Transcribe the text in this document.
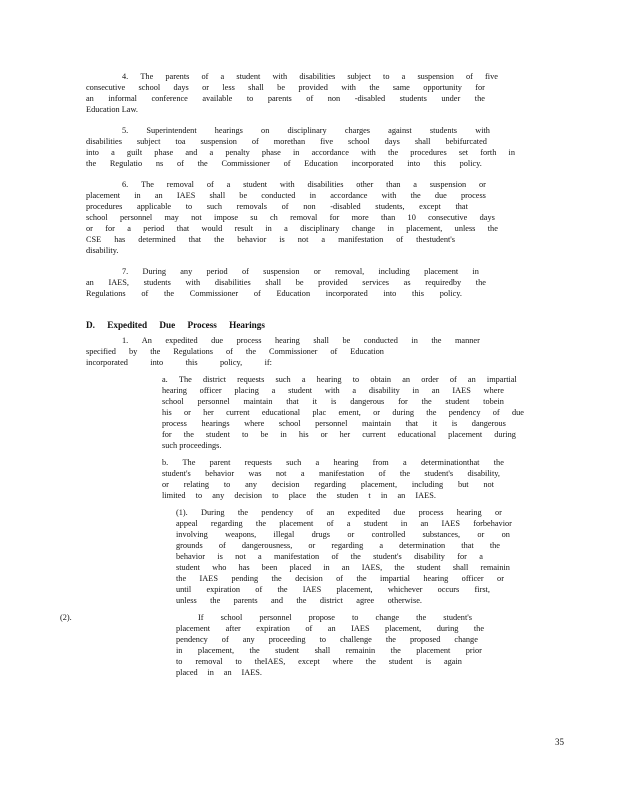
4. The parents of a student with disabilities subject to a suspension of five
consecutive school days or less shall be provided with the same opportunity for
an informal conference available to parents of non -disabled students under the
Education Law.
5. Superintendent hearings on disciplinary charges against students with
disabilities subject toa suspension of morethan five school days shall bebifurcated
into a guilt phase and a penalty phase in accordance with the procedures set forth in
the Regulatio ns of the Commissioner of Education incorporated into this policy.
6. The removal of a student with disabilities other than a suspension or
placement in an IAES shall be conducted in accordance with the due process
procedures applicable to such removals of non -disabled students, except that
school personnel may not impose su ch removal for more than 10 consecutive days
or for a period that would result in a disciplinary change in placement, unless the
CSE has determined that the behavior is not a manifestation of thestudent's
disability.
7. During any period of suspension or removal, including placement in
an IAES, students with disabilities shall be provided services as requiredby the
Regulations of the Commissioner of Education incorporated into this policy.
D. Expedited Due Process Hearings
1. An expedited due process hearing shall be conducted in the manner
specified by the Regulations of the Commissioner of Education
incorporated	into	this	policy,	if:
a. The district requests such a hearing to obtain an order of an impartial
hearing officer placing a student with a disability in an IAES where
school personnel maintain that it is dangerous for the student tobein
his or her current educational plac ement, or during the pendency of due
process hearings where school personnel maintain that it is dangerous
for the student to be in his or her current educational placement during
such proceedings.
b. The parent requests such a hearing from a determinationthat the
student's behavior was not a manifestation of the student's disability,
or relating to any decision regarding placement, including but not
limited to any decision to place the studen t in an IAES.
(1). During the pendency of an expedited due process hearing or
appeal regarding the placement of a student in an IAES forbehavior
involving weapons, illegal drugs or controlled substances, or on
grounds of dangerousness, or regarding a determination that the
behavior is not a manifestation of the student's disability for a
student who has been placed in an IAES, the student shall remainin
the IAES pending the decision of the impartial hearing officer or
until expiration of the IAES placement, whichever occurs first,
unless the parents and the district agree otherwise.
(2).	If school personnel propose to change the student's
placement after expiration of an IAES placement, during the
pendency of any proceeding to challenge the proposed change
in placement, the student shall remainin the placement prior
to removal to theIAES, except where the student is again
placed in an IAES.
35
